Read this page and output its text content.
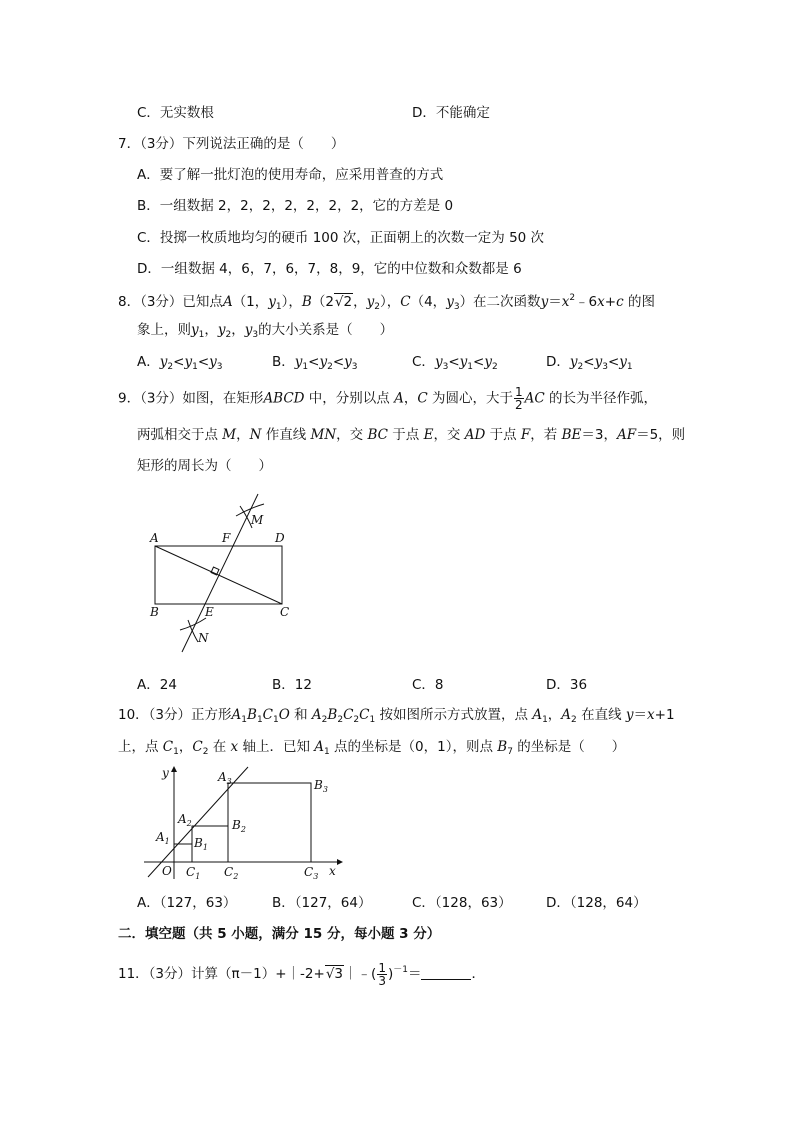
C．无实数根	D．不能确定
7．（3分）下列说法正确的是（　　）
A．要了解一批灯泡的使用寿命，应采用普查的方式
B．一组数据 2，2，2，2，2，2，2，它的方差是 0
C．投掷一枚质地均匀的硬币 100 次，正面朝上的次数一定为 50 次
D．一组数据 4，6，7，6，7，8，9，它的中位数和众数都是 6
8．（3分）已知点A（1，$y_1$），B（2√2，$y_2$），C（4，$y_3$）在二次函数$y=x^2﹣6x+c$ 的图
象上，则$y_1$，$y_2$，$y_3$的大小关系是（　　）
A．$y_2<y_1<y_3$	B．$y_1<y_2<y_3$	C．$y_3<y_1<y_2$	D．$y_2<y_3<y_1$
9．（3分）如图，在矩形ABCD 中，分别以点 A，C 为圆心，大于 $\frac{1}{2}$ AC 的长为半径作弧，
两弧相交于点 M，N 作直线 MN，交 BC 于点 E，交 AD 于点 F，若 BE＝3，AF＝5，则
矩形的周长为（　　）
A	F	D
M
B	E	C
N
A．24	B．12	C．8	D．36
10．（3分）正方形$A_1B_1C_1O$ 和 $A_2B_2C_2C_1$ 按如图所示方式放置，点 $A_1$，$A_2$ 在直线 y＝x+1
上，点 $C_1$，$C_2$ 在 x 轴上．已知 $A_1$ 点的坐标是（0，1），则点 $B_7$ 的坐标是（　　）
y
x
O
$A_1$
$A_2$
$A_3$
$B_1$
$B_2$
$B_3$
$C_1$ $C_2$	$C_3$
A．（127，63）	B．（127，64）	C．（128，63）	D．（128，64）
二．填空题（共 5 小题，满分 15 分，每小题 3 分）
11．（3分）计算（π－1）+｜-2+√3｜﹣( $\frac{1}{3} )^{-1}=$	．
